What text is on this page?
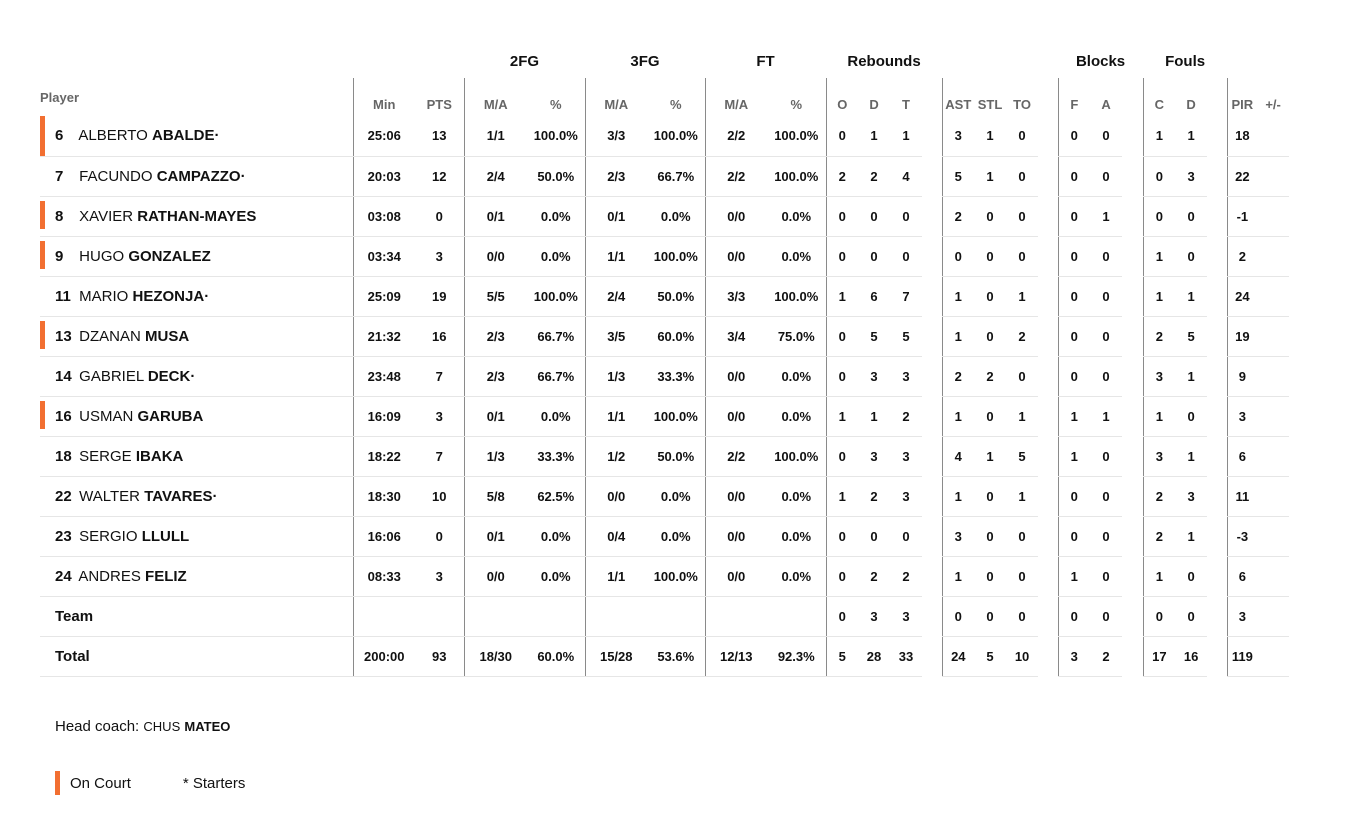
			2FG		3FG		FT		Rebounds								Blocks			Fouls					
Player	Min	PTS	M/A	%	M/A	%	M/A	%	O	D	T		AST	STL	TO		F	A		C	D		PIR	+/-	

6 ALBERTO ABALDE·	25:06	13	1/1	100.0%	3/3	100.0%	2/2	100.0%	0	1	1		3	1	0		0	0		1	1		18		
7 FACUNDO CAMPAZZO·	20:03	12	2/4	50.0%	2/3	66.7%	2/2	100.0%	2	2	4		5	1	0		0	0		0	3		22		

8 XAVIER RATHAN-MAYES	03:08	0	0/1	0.0%	0/1	0.0%	0/0	0.0%	0	0	0		2	0	0		0	1		0	0		-1		

9 HUGO GONZALEZ	03:34	3	0/0	0.0%	1/1	100.0%	0/0	0.0%	0	0	0		0	0	0		0	0		1	0		2		
11 MARIO HEZONJA·	25:09	19	5/5	100.0%	2/4	50.0%	3/3	100.0%	1	6	7		1	0	1		0	0		1	1		24		

13 DZANAN MUSA	21:32	16	2/3	66.7%	3/5	60.0%	3/4	75.0%	0	5	5		1	0	2		0	0		2	5		19		
14 GABRIEL DECK·	23:48	7	2/3	66.7%	1/3	33.3%	0/0	0.0%	0	3	3		2	2	0		0	0		3	1		9		

16 USMAN GARUBA	16:09	3	0/1	0.0%	1/1	100.0%	0/0	0.0%	1	1	2		1	0	1		1	1		1	0		3		
18 SERGE IBAKA	18:22	7	1/3	33.3%	1/2	50.0%	2/2	100.0%	0	3	3		4	1	5		1	0		3	1		6		
22 WALTER TAVARES·	18:30	10	5/8	62.5%	0/0	0.0%	0/0	0.0%	1	2	3		1	0	1		0	0		2	3		11		
23 SERGIO LLULL	16:06	0	0/1	0.0%	0/4	0.0%	0/0	0.0%	0	0	0		3	0	0		0	0		2	1		-3		
24 ANDRES FELIZ	08:33	3	0/0	0.0%	1/1	100.0%	0/0	0.0%	0	2	2		1	0	0		1	0		1	0		6		
Team									0	3	3		0	0	0		0	0		0	0		3		
Total	200:00	93	18/30	60.0%	15/28	53.6%	12/13	92.3%	5	28	33		24	5	10		3	2		17	16		119		
Head coach: CHUS MATEO
On Court	* Starters
